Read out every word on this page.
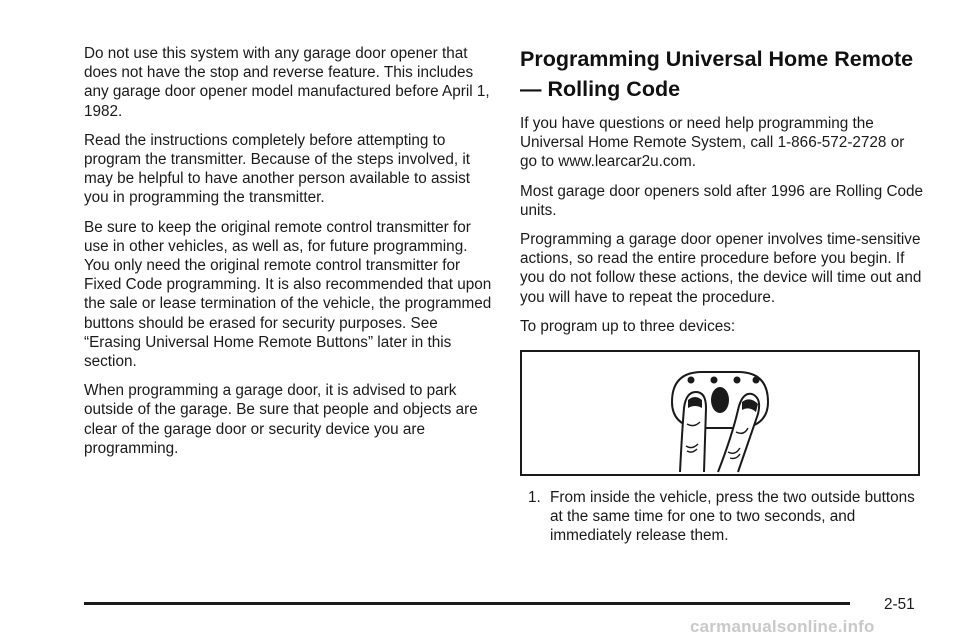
Do not use this system with any garage door opener that does not have the stop and reverse feature. This includes any garage door opener model manufactured before April 1, 1982.

Read the instructions completely before attempting to program the transmitter. Because of the steps involved, it may be helpful to have another person available to assist you in programming the transmitter.

Be sure to keep the original remote control transmitter for use in other vehicles, as well as, for future programming. You only need the original remote control transmitter for Fixed Code programming. It is also recommended that upon the sale or lease termination of the vehicle, the programmed buttons should be erased for security purposes. See “Erasing Universal Home Remote Buttons” later in this section.

When programming a garage door, it is advised to park outside of the garage. Be sure that people and objects are clear of the garage door or security device you are programming.

Programming Universal Home Remote — Rolling Code

If you have questions or need help programming the Universal Home Remote System, call 1-866-572-2728 or go to www.learcar2u.com.

Most garage door openers sold after 1996 are Rolling Code units.

Programming a garage door opener involves time-sensitive actions, so read the entire procedure before you begin. If you do not follow these actions, the device will time out and you will have to repeat the procedure.

To program up to three devices:

1. From inside the vehicle, press the two outside buttons at the same time for one to two seconds, and immediately release them.
2-51
carmanualsonline.info
